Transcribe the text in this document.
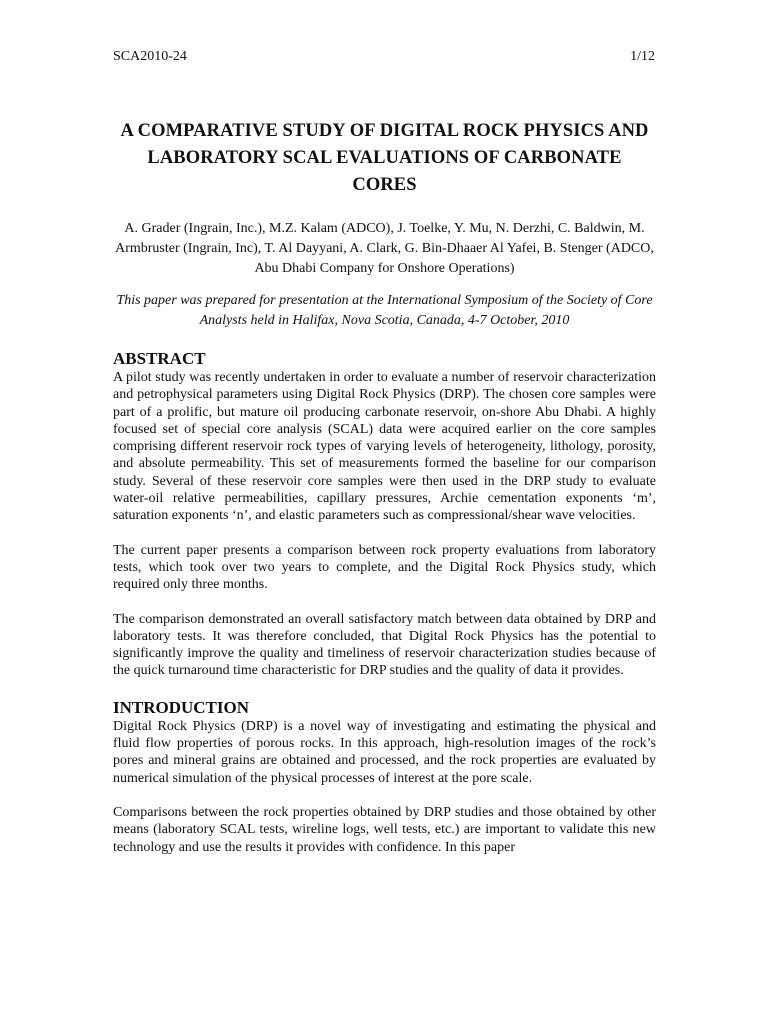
SCA2010-24	1/12
A COMPARATIVE STUDY OF DIGITAL ROCK PHYSICS AND LABORATORY SCAL EVALUATIONS OF CARBONATE CORES

A. Grader (Ingrain, Inc.), M.Z. Kalam (ADCO), J. Toelke, Y. Mu, N. Derzhi, C. Baldwin, M. Armbruster (Ingrain, Inc), T. Al Dayyani, A. Clark, G. Bin-Dhaaer Al Yafei, B. Stenger (ADCO, Abu Dhabi Company for Onshore Operations)

This paper was prepared for presentation at the International Symposium of the Society of Core Analysts held in Halifax, Nova Scotia, Canada, 4-7 October, 2010

ABSTRACT

A pilot study was recently undertaken in order to evaluate a number of reservoir characterization and petrophysical parameters using Digital Rock Physics (DRP). The chosen core samples were part of a prolific, but mature oil producing carbonate reservoir, on-shore Abu Dhabi. A highly focused set of special core analysis (SCAL) data were acquired earlier on the core samples comprising different reservoir rock types of varying levels of heterogeneity, lithology, porosity, and absolute permeability. This set of measurements formed the baseline for our comparison study. Several of these reservoir core samples were then used in the DRP study to evaluate water-oil relative permeabilities, capillary pressures, Archie cementation exponents ‘m’, saturation exponents ‘n’, and elastic parameters such as compressional/shear wave velocities.

The current paper presents a comparison between rock property evaluations from laboratory tests, which took over two years to complete, and the Digital Rock Physics study, which required only three months.

The comparison demonstrated an overall satisfactory match between data obtained by DRP and laboratory tests. It was therefore concluded, that Digital Rock Physics has the potential to significantly improve the quality and timeliness of reservoir characterization studies because of the quick turnaround time characteristic for DRP studies and the quality of data it provides.

INTRODUCTION

Digital Rock Physics (DRP) is a novel way of investigating and estimating the physical and fluid flow properties of porous rocks. In this approach, high-resolution images of the rock’s pores and mineral grains are obtained and processed, and the rock properties are evaluated by numerical simulation of the physical processes of interest at the pore scale.

Comparisons between the rock properties obtained by DRP studies and those obtained by other means (laboratory SCAL tests, wireline logs, well tests, etc.) are important to validate this new technology and use the results it provides with confidence. In this paper
